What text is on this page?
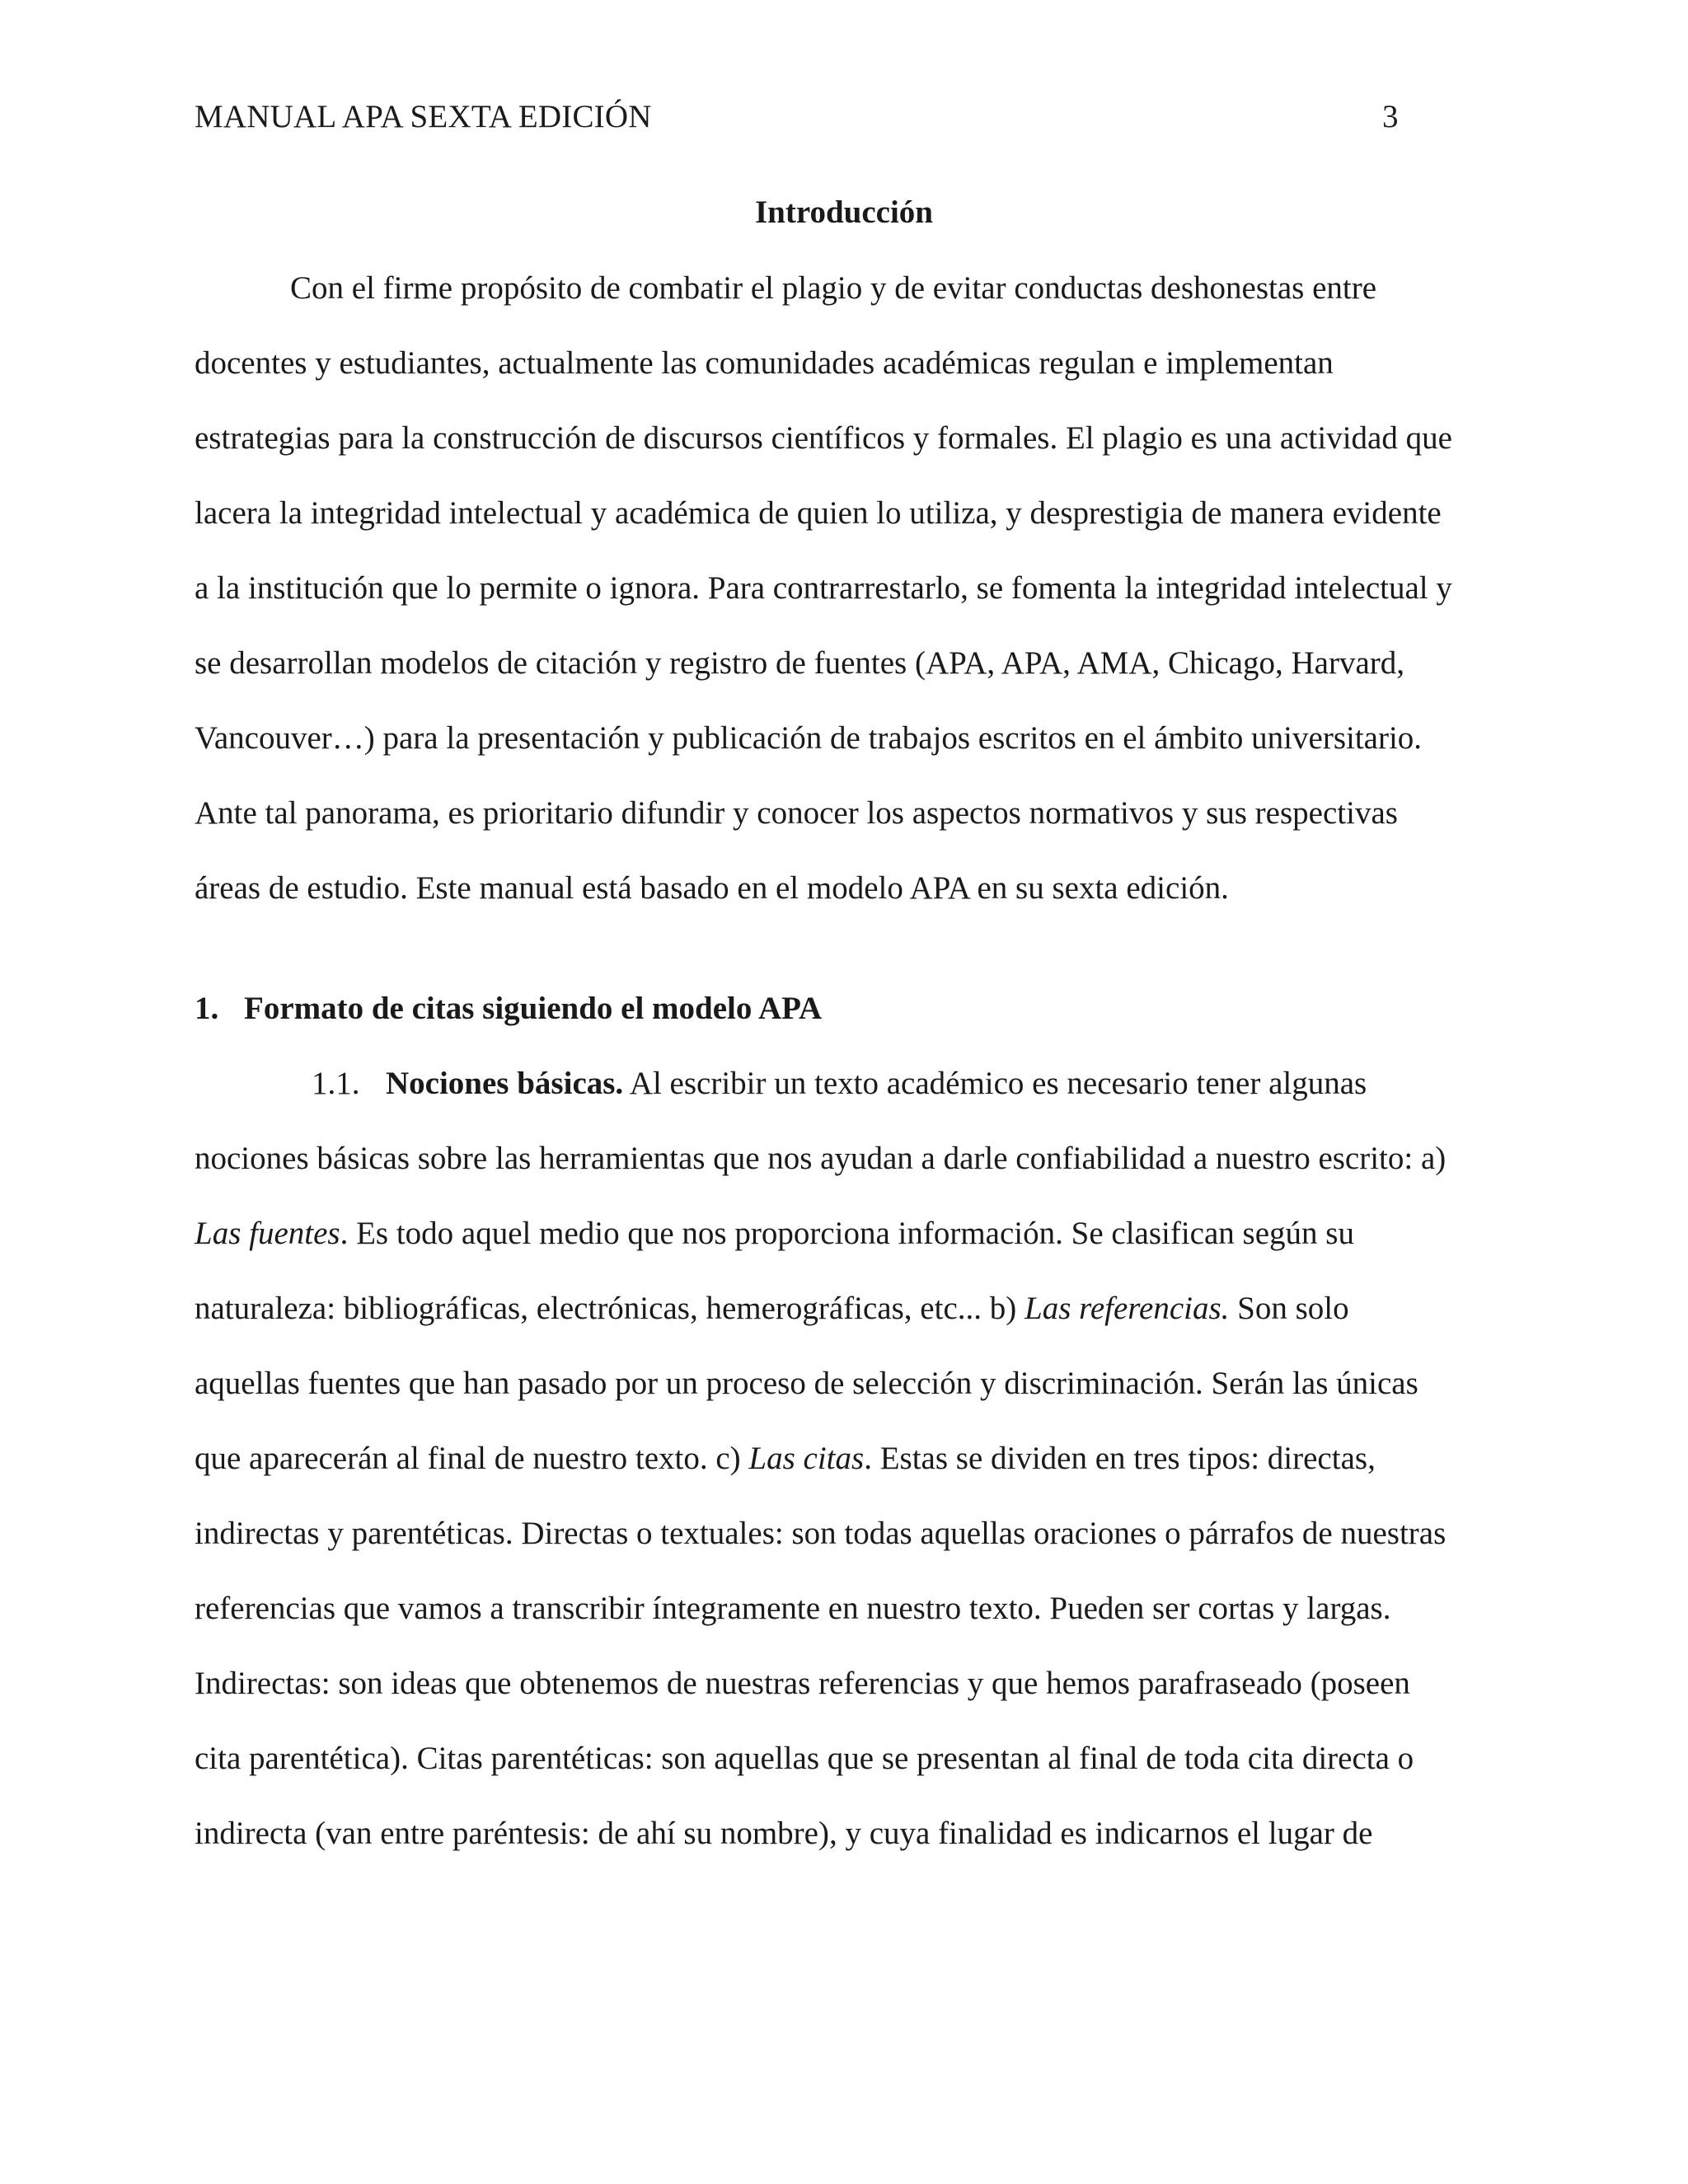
MANUAL APA SEXTA EDICIÓN	3
Introducción
Con el firme propósito de combatir el plagio y de evitar conductas deshonestas entre
docentes y estudiantes, actualmente las comunidades académicas regulan e implementan
estrategias para la construcción de discursos científicos y formales. El plagio es una actividad que
lacera la integridad intelectual y académica de quien lo utiliza, y desprestigia de manera evidente
a la institución que lo permite o ignora. Para contrarrestarlo, se fomenta la integridad intelectual y
se desarrollan modelos de citación y registro de fuentes (APA, APA, AMA, Chicago, Harvard,
Vancouver…) para la presentación y publicación de trabajos escritos en el ámbito universitario.
Ante tal panorama, es prioritario difundir y conocer los aspectos normativos y sus respectivas
áreas de estudio. Este manual está basado en el modelo APA en su sexta edición.
1. Formato de citas siguiendo el modelo APA
1.1. Nociones básicas. Al escribir un texto académico es necesario tener algunas
nociones básicas sobre las herramientas que nos ayudan a darle confiabilidad a nuestro escrito: a)
Las fuentes. Es todo aquel medio que nos proporciona información. Se clasifican según su
naturaleza: bibliográficas, electrónicas, hemerográficas, etc... b) Las referencias. Son solo
aquellas fuentes que han pasado por un proceso de selección y discriminación. Serán las únicas
que aparecerán al final de nuestro texto. c) Las citas. Estas se dividen en tres tipos: directas,
indirectas y parentéticas. Directas o textuales: son todas aquellas oraciones o párrafos de nuestras
referencias que vamos a transcribir íntegramente en nuestro texto. Pueden ser cortas y largas.
Indirectas: son ideas que obtenemos de nuestras referencias y que hemos parafraseado (poseen
cita parentética). Citas parentéticas: son aquellas que se presentan al final de toda cita directa o
indirecta (van entre paréntesis: de ahí su nombre), y cuya finalidad es indicarnos el lugar de
